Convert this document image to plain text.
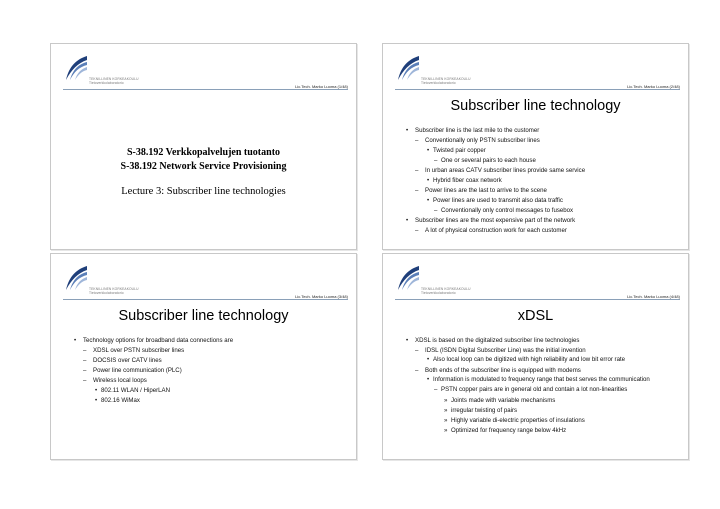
TEKNILLINEN KORKEAKOULU
Tietoverkkolaboratorio
Lic.Tech. Marko Luoma (1/48)
S-38.192 Verkkopalvelujen tuotanto
S-38.192 Network Service Provisioning
Lecture 3: Subscriber line technologies
TEKNILLINEN KORKEAKOULU
Tietoverkkolaboratorio
Lic.Tech. Marko Luoma (2/48)
Subscriber line technology
• Subscriber line is the last mile to the customer
– Conventionally only PSTN subscriber lines
• Twisted pair copper
– One or several pairs to each house
– In urban areas CATV subscriber lines provide same service
• Hybrid fiber coax network
– Power lines are the last to arrive to the scene
• Power lines are used to transmit also data traffic
– Conventionally only control messages to fusebox
• Subscriber lines are the most expensive part of the network
– A lot of physical construction work for each customer
TEKNILLINEN KORKEAKOULU
Tietoverkkolaboratorio
Lic.Tech. Marko Luoma (3/48)
Subscriber line technology
• Technology options for broadband data connections are
– XDSL over PSTN subscriber lines
– DOCSIS over CATV lines
– Power line communication (PLC)
– Wireless local loops
• 802.11 WLAN / HiperLAN
• 802.16 WiMax
TEKNILLINEN KORKEAKOULU
Tietoverkkolaboratorio
Lic.Tech. Marko Luoma (4/48)
xDSL
• XDSL is based on the digitalized subscriber line technologies
– IDSL (ISDN Digital Subscriber Line) was the initial invention
• Also local loop can be digitized with high reliability and low bit error rate
– Both ends of the subscriber line is equipped with modems
• Information is modulated to frequency range that best serves the communication
– PSTN copper pairs are in general old and contain a lot non-linearities
» Joints made with variable mechanisms
» irregular twisting of pairs
» Highly variable di-electric properties of insulations
» Optimized for frequency range below 4kHz
